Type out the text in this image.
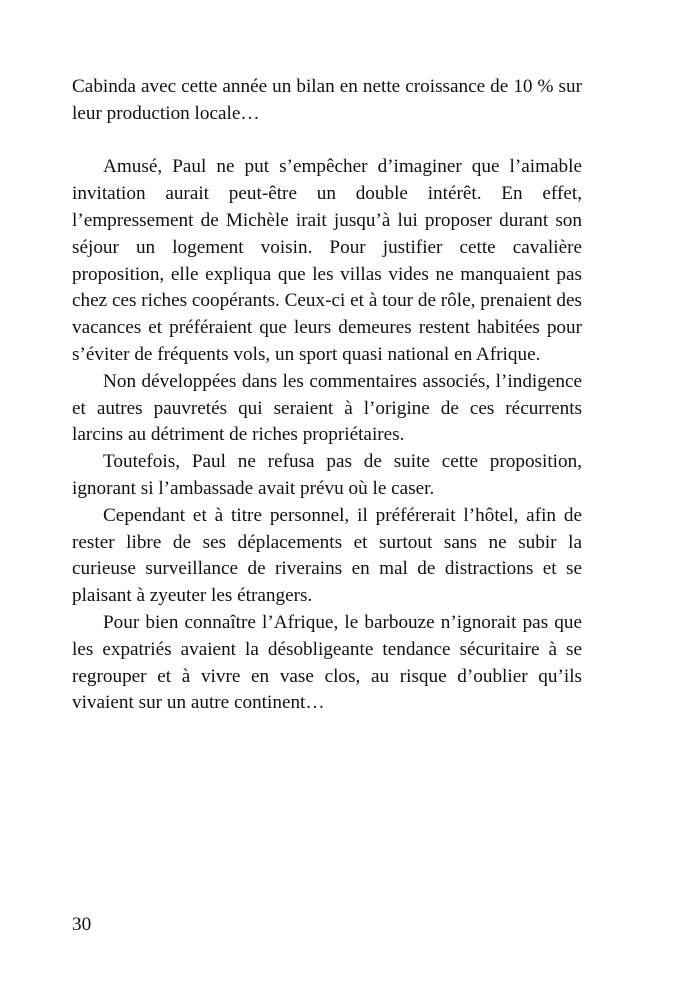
Cabinda avec cette année un bilan en nette croissance de 10 % sur leur production locale…

Amusé, Paul ne put s’empêcher d’imaginer que l’aimable invitation aurait peut-être un double intérêt. En effet, l’empressement de Michèle irait jusqu’à lui proposer durant son séjour un logement voisin. Pour justifier cette cavalière proposition, elle expliqua que les villas vides ne manquaient pas chez ces riches coopérants. Ceux-ci et à tour de rôle, prenaient des vacances et préféraient que leurs demeures restent habitées pour s’éviter de fréquents vols, un sport quasi national en Afrique.

Non développées dans les commentaires associés, l’indigence et autres pauvretés qui seraient à l’origine de ces récurrents larcins au détriment de riches propriétaires.

Toutefois, Paul ne refusa pas de suite cette proposition, ignorant si l’ambassade avait prévu où le caser.

Cependant et à titre personnel, il préférerait l’hôtel, afin de rester libre de ses déplacements et surtout sans ne subir la curieuse surveillance de riverains en mal de distractions et se plaisant à zyeuter les étrangers.

Pour bien connaître l’Afrique, le barbouze n’ignorait pas que les expatriés avaient la désobligeante tendance sécuritaire à se regrouper et à vivre en vase clos, au risque d’oublier qu’ils vivaient sur un autre continent…

30
